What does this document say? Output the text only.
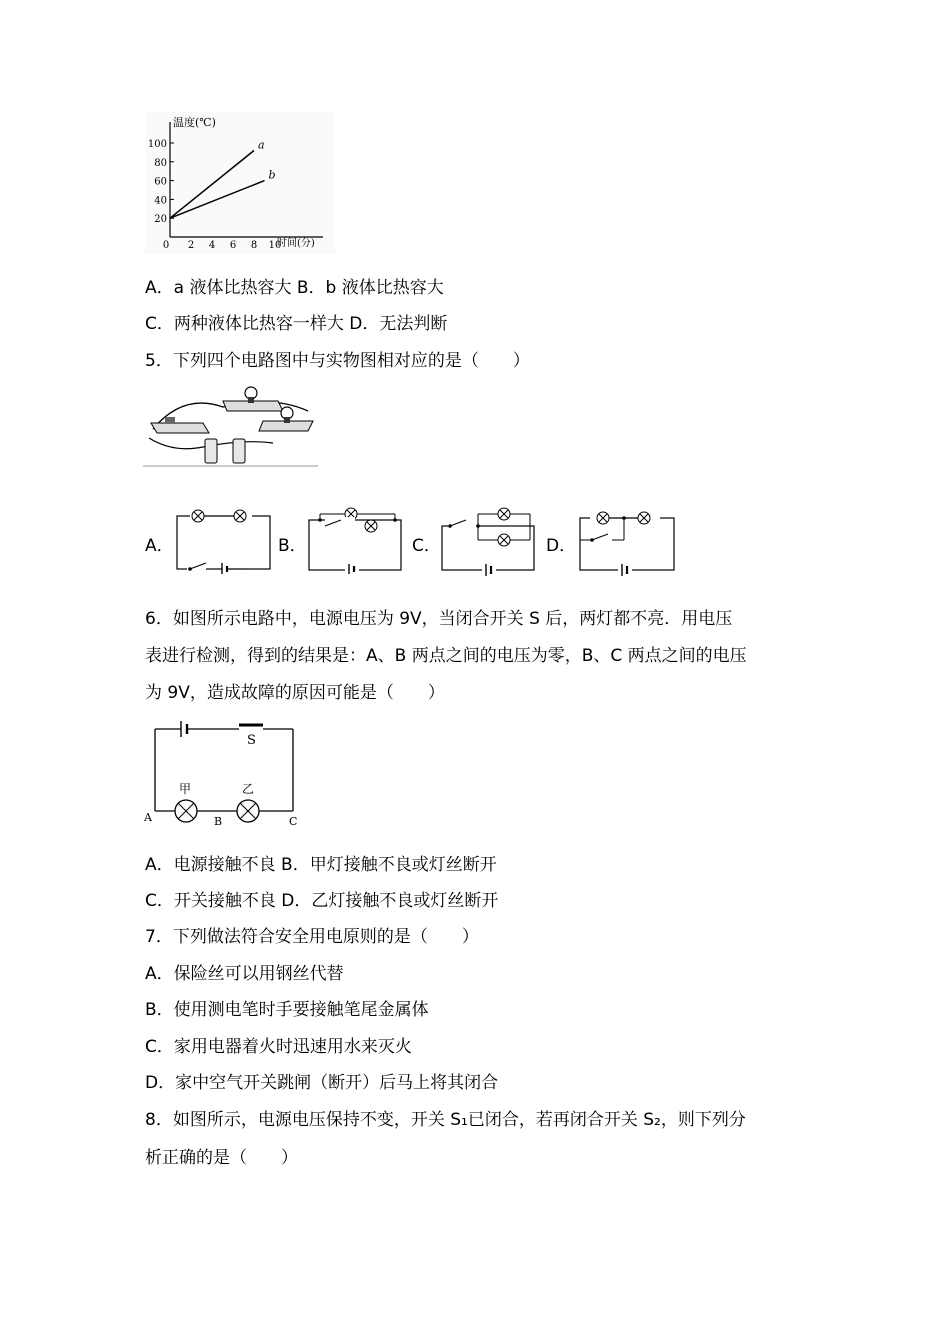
20
40
60
80
100
0 2 4 6 8 10
a
b
温度(℃)
时间(分)
A．a 液体比热容大 B．b 液体比热容大
C．两种液体比热容一样大 D．无法判断
5．下列四个电路图中与实物图相对应的是（　　）
A．	B．	C．	D．
6．如图所示电路中，电源电压为 9V，当闭合开关 S 后，两灯都不亮．用电压
表进行检测，得到的结果是：A、B 两点之间的电压为零，B、C 两点之间的电压
为 9V，造成故障的原因可能是（　　）
S
甲	乙
A	B	C
A．电源接触不良 B．甲灯接触不良或灯丝断开
C．开关接触不良 D．乙灯接触不良或灯丝断开
7．下列做法符合安全用电原则的是（　　）
A．保险丝可以用钢丝代替
B．使用测电笔时手要接触笔尾金属体
C．家用电器着火时迅速用水来灭火
D．家中空气开关跳闸（断开）后马上将其闭合
8．如图所示，电源电压保持不变，开关 S₁已闭合，若再闭合开关 S₂，则下列分
析正确的是（　　）
